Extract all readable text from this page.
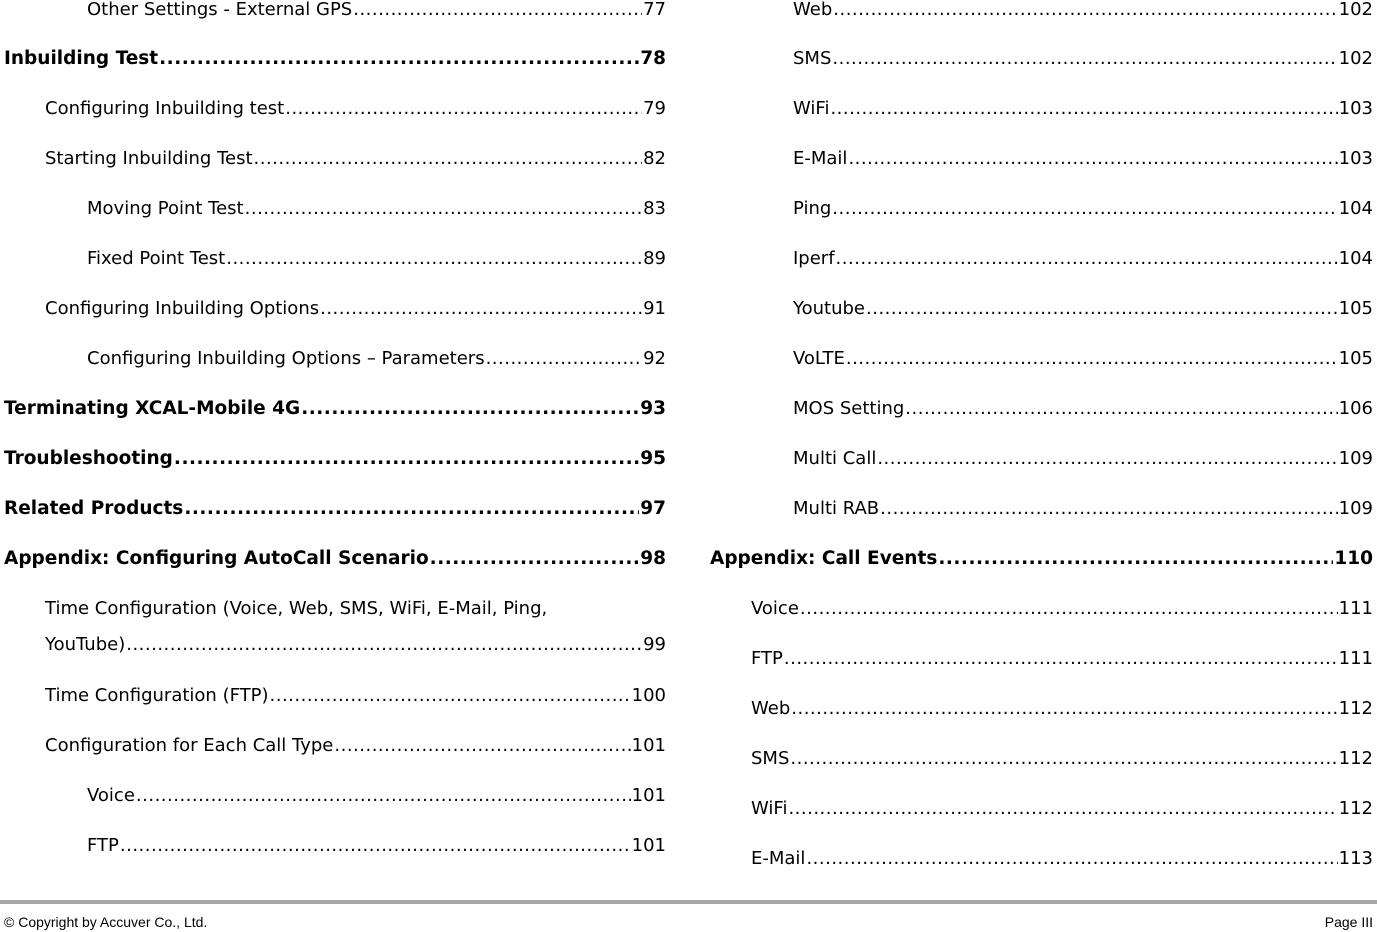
Other Settings - External GPS .....	77
Inbuilding Test .....	78
Configuring Inbuilding test .....	79
Starting Inbuilding Test .....	82
Moving Point Test .....	83
Fixed Point Test .....	89
Configuring Inbuilding Options .....	91
Configuring Inbuilding Options – Parameters .....	92
Terminating XCAL-Mobile 4G .....	93
Troubleshooting .....	95
Related Products .....	97
Appendix: Configuring AutoCall Scenario .....	98
Time Configuration (Voice, Web, SMS, WiFi, E-Mail, Ping,
YouTube) .....	99
Time Configuration (FTP) .....	100
Configuration for Each Call Type .....	101
Voice .....	101
FTP .....	101
Web .....	102
SMS .....	102
WiFi .....	103
E-Mail .....	103
Ping .....	104
Iperf .....	104
Youtube .....	105
VoLTE .....	105
MOS Setting .....	106
Multi Call .....	109
Multi RAB .....	109
Appendix: Call Events .....	110
Voice .....	111
FTP .....	111
Web .....	112
SMS .....	112
WiFi .....	112
E-Mail .....	113
© Copyright by Accuver Co., Ltd.	Page III
